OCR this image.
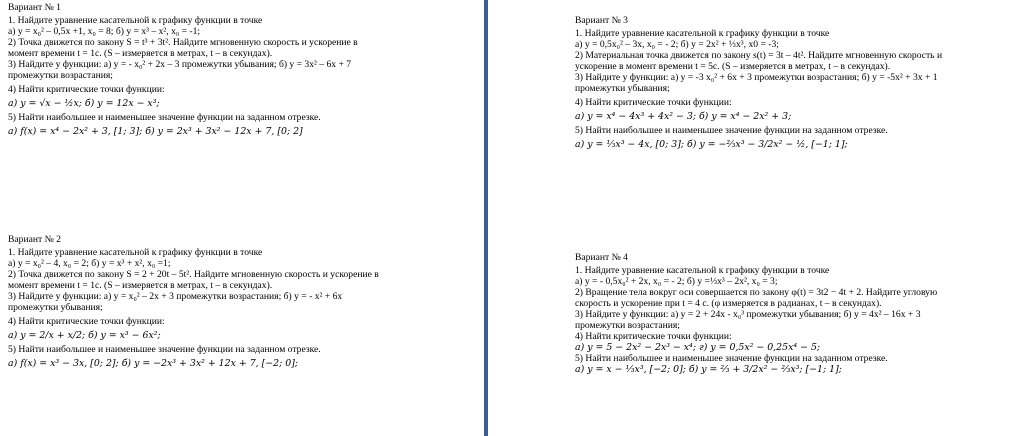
Вариант № 1

1. Найдите уравнение касательной к графику функции в точке

а) y = x₀² – 0,5x +1, x₀ = 8; б) y = x³ – x², x₀ = -1;

2) Точка движется по закону S = t³ + 3t². Найдите мгновенную скорость и ускорение в

момент времени t = 1c. (S – измеряется в метрах, t – в секундах).

3) Найдите у функции: а) y = - x₀² + 2x – 3 промежутки убывания; б) y = 3x² – 6x + 7

промежутки возрастания;

4) Найти критические точки функции:

а) y = √x − ½x; б) y = 12x − x³;

5) Найти наибольшее и наименьшее значение функции на заданном отрезке.

а) f(x) = x⁴ − 2x² + 3, [1; 3]; б) y = 2x³ + 3x² − 12x + 7, [0; 2]

Вариант № 2

1. Найдите уравнение касательной к графику функции в точке

а) y = x₀² – 4, x₀ = 2; б) y = x³ + x², x₀ =1;

2) Точка движется по закону S = 2 + 20t – 5t². Найдите мгновенную скорость и ускорение в

момент времени t = 1c. (S – измеряется в метрах, t – в секундах).

3) Найдите у функции: а) y = x₀² – 2x + 3 промежутки возрастания; б) y = - x² + 6x

промежутки убывания;

4) Найти критические точки функции:

а) y = 2/x + x/2; б) y = x³ − 6x²;

5) Найти наибольшее и наименьшее значение функции на заданном отрезке.

а) f(x) = x³ − 3x, [0; 2]; б) y = −2x³ + 3x² + 12x + 7, [−2; 0];

Вариант № 3

1. Найдите уравнение касательной к графику функции в точке

а) y = 0,5x₀² – 3x, x₀ = - 2; б) y = 2x² + ⅓x³, x0 = -3;

2) Материальная точка движется по закону s(t) = 3t – 4t². Найдите мгновенную скорость и

ускорение в момент времени t = 5c. (S – измеряется в метрах, t – в секундах).

3) Найдите у функции: а) y = -3 x₀² + 6x + 3 промежутки возрастания; б) y = -5x² + 3x + 1

промежутки убывания;

4) Найти критические точки функции:

а) y = x⁴ − 4x³ + 4x² − 3; б) y = x⁴ − 2x² + 3;

5) Найти наибольшее и наименьшее значение функции на заданном отрезке.

а) y = ⅓x³ − 4x, [0; 3]; б) y = −⅔x³ − 3/2x² − ½, [−1; 1];

Вариант № 4

1. Найдите уравнение касательной к графику функции в точке

а) y = - 0,5x₀² + 2x, x₀ = - 2; б) y =⅓x³ – 2x², x₀ = 3;

2) Вращение тела вокруг оси совершается по закону φ(t) = 3t2 − 4t + 2. Найдите угловую

скорость и ускорение при t = 4 c. (φ измеряется в радианах, t – в секундах).

3) Найдите у функции: а) y = 2 + 24x - x₀³ промежутки убывания; б) y = 4x² – 16x + 3

промежутки возрастания;

4) Найти критические точки функции:

а) y = 5 − 2x² − 2x³ − x⁴; г) y = 0,5x² − 0,25x⁴ − 5;

5) Найти наибольшее и наименьшее значение функции на заданном отрезке.

а) y = x − ⅓x³, [−2; 0]; б) y = ⅔ + 3/2x² − ⅔x³; [−1; 1];
